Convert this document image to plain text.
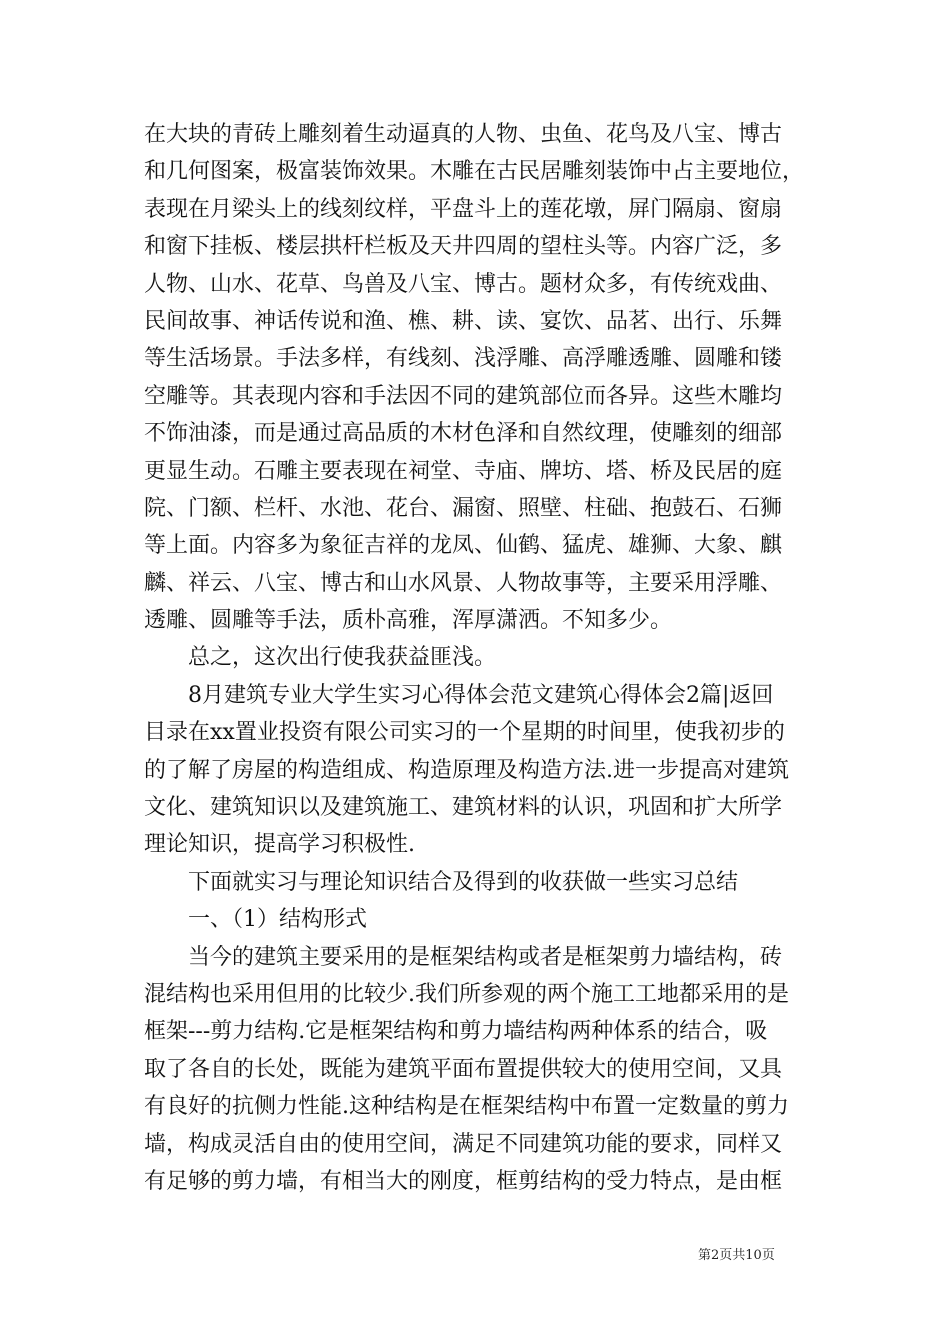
在大块的青砖上雕刻着生动逼真的人物、虫鱼、花鸟及八宝、博古
和几何图案，极富装饰效果。木雕在古民居雕刻装饰中占主要地位，
表现在月梁头上的线刻纹样，平盘斗上的莲花墩，屏门隔扇、窗扇
和窗下挂板、楼层拱杆栏板及天井四周的望柱头等。内容广泛，多
人物、山水、花草、鸟兽及八宝、博古。题材众多，有传统戏曲、
民间故事、神话传说和渔、樵、耕、读、宴饮、品茗、出行、乐舞
等生活场景。手法多样，有线刻、浅浮雕、高浮雕透雕、圆雕和镂
空雕等。其表现内容和手法因不同的建筑部位而各异。这些木雕均
不饰油漆，而是通过高品质的木材色泽和自然纹理，使雕刻的细部
更显生动。石雕主要表现在祠堂、寺庙、牌坊、塔、桥及民居的庭
院、门额、栏杆、水池、花台、漏窗、照壁、柱础、抱鼓石、石狮
等上面。内容多为象征吉祥的龙凤、仙鹤、猛虎、雄狮、大象、麒
麟、祥云、八宝、博古和山水风景、人物故事等，主要采用浮雕、
透雕、圆雕等手法，质朴高雅，浑厚潇洒。不知多少。
总之，这次出行使我获益匪浅。
8月建筑专业大学生实习心得体会范文建筑心得体会2篇|返回
目录在xx置业投资有限公司实习的一个星期的时间里，使我初步的
的了解了房屋的构造组成、构造原理及构造方法.进一步提高对建筑
文化、建筑知识以及建筑施工、建筑材料的认识，巩固和扩大所学
理论知识，提高学习积极性.
下面就实习与理论知识结合及得到的收获做一些实习总结
一、（1）结构形式
当今的建筑主要采用的是框架结构或者是框架剪力墙结构，砖
混结构也采用但用的比较少.我们所参观的两个施工工地都采用的是
框架---剪力结构.它是框架结构和剪力墙结构两种体系的结合，吸
取了各自的长处，既能为建筑平面布置提供较大的使用空间，又具
有良好的抗侧力性能.这种结构是在框架结构中布置一定数量的剪力
墙，构成灵活自由的使用空间，满足不同建筑功能的要求，同样又
有足够的剪力墙，有相当大的刚度，框剪结构的受力特点，是由框
第2页共10页
